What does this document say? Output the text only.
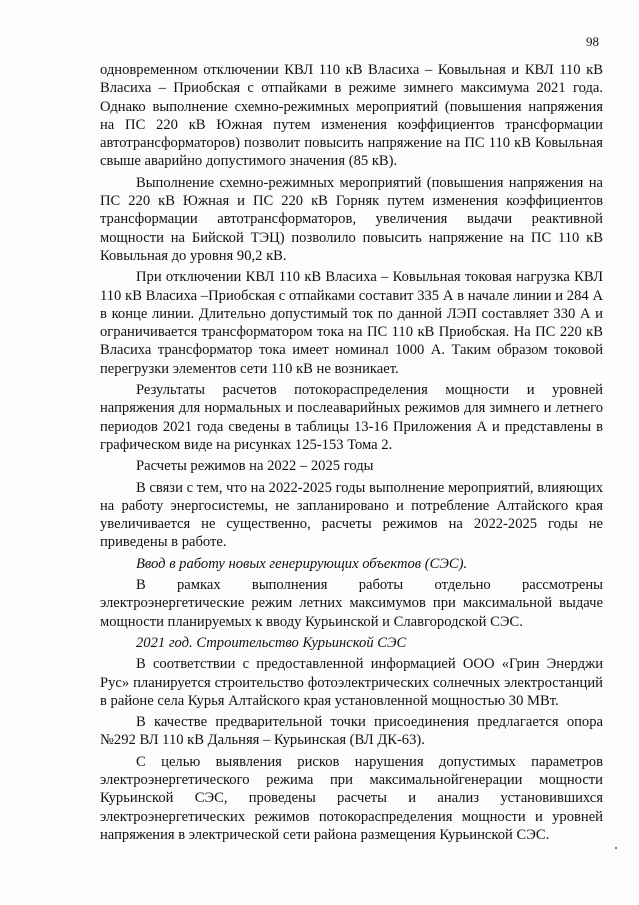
98

одновременном отключении КВЛ 110 кВ Власиха – Ковыльная и КВЛ 110 кВ Власиха – Приобская с отпайками в режиме зимнего максимума 2021 года. Однако выполнение схемно-режимных мероприятий (повышения напряжения на ПС 220 кВ Южная путем изменения коэффициентов трансформации автотрансформаторов) позволит повысить напряжение на ПС 110 кВ Ковыльная свыше аварийно допустимого значения (85 кВ).

Выполнение схемно-режимных мероприятий (повышения напряжения на ПС 220 кВ Южная и ПС 220 кВ Горняк путем изменения коэффициентов трансформации автотрансформаторов, увеличения выдачи реактивной мощности на Бийской ТЭЦ) позволило повысить напряжение на ПС 110 кВ Ковыльная до уровня 90,2 кВ.

При отключении КВЛ 110 кВ Власиха – Ковыльная токовая нагрузка КВЛ 110 кВ Власиха –Приобская с отпайками составит 335 А в начале линии и 284 А в конце линии. Длительно допустимый ток по данной ЛЭП составляет 330 А и ограничивается трансформатором тока на ПС 110 кВ Приобская. На ПС 220 кВ Власиха трансформатор тока имеет номинал 1000 А. Таким образом токовой перегрузки элементов сети 110 кВ не возникает.

Результаты расчетов потокораспределения мощности и уровней напряжения для нормальных и послеаварийных режимов для зимнего и летнего периодов 2021 года сведены в таблицы 13-16 Приложения А и представлены в графическом виде на рисунках 125-153 Тома 2.

Расчеты режимов на 2022 – 2025 годы

В связи с тем, что на 2022-2025 годы выполнение мероприятий, влияющих на работу энергосистемы, не запланировано и потребление Алтайского края увеличивается не существенно, расчеты режимов на 2022-2025 годы не приведены в работе.

Ввод в работу новых генерирующих объектов (СЭС).

В рамках выполнения работы отдельно рассмотрены электроэнергетические режим летних максимумов при максимальной выдаче мощности планируемых к вводу Курьинской и Славгородской СЭС.

2021 год. Строительство Курьинской СЭС

В соответствии с предоставленной информацией ООО «Грин Энерджи Рус» планируется строительство фотоэлектрических солнечных электростанций в районе села Курья Алтайского края установленной мощностью 30 МВт.

В качестве предварительной точки присоединения предлагается опора №292 ВЛ 110 кВ Дальняя – Курьинская (ВЛ ДК-63).

С целью выявления рисков нарушения допустимых параметров электроэнергетического режима при максимальнойгенерации мощности Курьинской СЭС, проведены расчеты и анализ установившихся электроэнергетических режимов потокораспределения мощности и уровней напряжения в электрической сети района размещения Курьинской СЭС.
